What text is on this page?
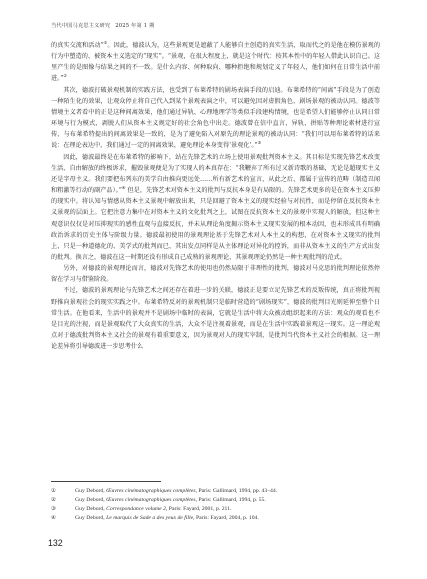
当代中国马克思主义研究 2025 年第 1 期

的真实交流和活动”①。因此，德波认为，这些景观更是遮蔽了人能够自主创造的真实生活，取而代之的是他在模仿景观的行为中塑造的、被资本主义选定的“现实”。“景观，在很大程度上，就是这个时代：按其本性中的年轻人借此认识自己。这里产生的是图像与结果之间的不一致。是什么内容、何种取向、哪种拒绝和规划定义了年轻人，他们如何在日常生活中前进。”②

其次，德波打破景观机制的实践方法，也受到了布莱希特的剧场表演手段的启迪。布莱希特的“间离”手段是为了创造一种陌生化的效果，让观众停止将自己代入到某个景观表演之中，可以避免因对虚假角色、剧场景观的被动认同。德波等情境主义者看中的正是这种间离效果，他们通过异轨、心理地理学等类似手段建构情境，也是希望人们能够停止认同日常环境与行为模式，剥脱人们从资本主义规定好的社会角色中出走。德波曾在信中直言，异轨、拼贴等种理论素材进行宣传，与布莱希特提出的间离效果是一致的，是为了避免陷入对原先的理论景观的被动认同：“我们可以用布莱希特的话来说：在理论表达中，我们通过一定的间离效果，避免理论本身变得‘景观化’。”③

因此，德波最终是在布莱希特的影响下，站在先锋艺术的立场上使用景观批判资本主义。其目标是实现先锋艺术改变生活、自由解放的终极诉求，摧毁景观便是为了实现人的本真存在：“我鞭弃了所有过又新诗歌的基础，无论是超现实主义还是字母主义。我们要把布列东的美学自由推向更远处……所有新艺术的宣言，从此之后，都属于宣传的范畴（制造丑闻和粗激等行动的副产品）。”④ 但是，先锋艺术对资本主义的批判与反抗本身是有局限的。先锋艺术更多的是在资本主义压抑的现实中，将认知与情感从资本主义景观中解放出来，只是回避了资本主义的现实经验与对抗性，而是停留在反抗资本主义景观的层面上。它把注意力集中在对资本主义的文化批判之上，试图在反抗资本主义的景观中实现人的解放，但这种主观意识仅仅是对压抑现实的感性直观与直接反抗，并未从理论角度揭示资本主义现实发展的根本动因，也未形成具有明确政治诉求的历史主体与阶级力量。德波最初使用的景观理论基于先锋艺术对人本主义的构想，在对资本主义现实的批判上，只是一种道德化的、美学式的批判而已，其出发点同样是从主体理论对异化的控诉，而非从资本主义的生产方式出发的批判。换言之，德波在这一时期还没有形成自己成熟的景观理论，其景观理论仍然是一种主观批判的范式。

另外，对德波的景观理论而言，德波对先锋艺术的使用也仍然局限于非理性的批判，德波对马克思的批判理论依然停留在学习与借鉴阶段。

不过，德波的景观理论与先锋艺术之间还存在着进一步的关联，德波正是要立足先锋艺术的反叛传统，真正将批判视野推向景观社会的现实实践之中。布莱希特反对的景观机制只是临时营造的“剧场现实”，德波的批判目光则延伸至整个日常生活。在他看来，生活中的景观并不是剧场中临时的表演，它就是生活中将大众被动组织起来的方法：观众的观看也不是目光的注视，而是景观取代了大众真实的生活，大众不是注视着景观，而是在生活中实践着景观这一现实。这一理论观点对于德波批判资本主义社会的景观有着重要意义，因为景观对人的现实宰制，是批判当代资本主义社会的根据。这一理论差异将引导德波进一步思考什么

①	Guy Debord, Œuvres cinématographiques complètes, Paris: Gallimard, 1994, pp. 43–44.
②	Guy Debord, Œuvres cinématographiques complètes, Paris: Gallimard, 1994, p. 55.
③	Guy Debord, Correspondance volume 2, Paris: Fayard, 2001, p. 211.
④	Guy Debord, Le marquis de Sade a des yeux de fille, Paris: Fayard, 2004, p. 104.
132
